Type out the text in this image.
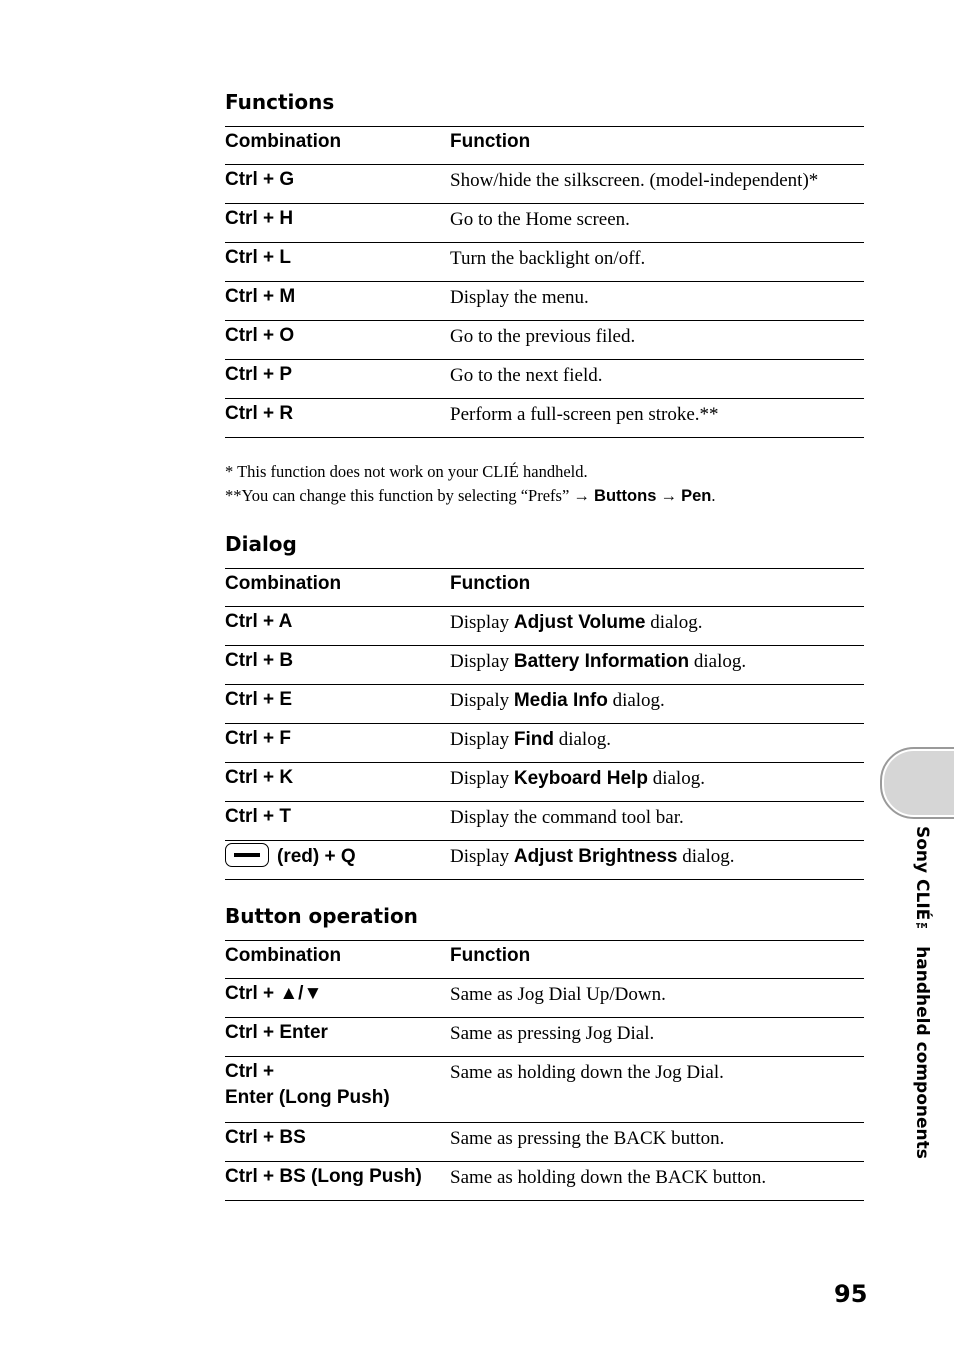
Functions
Combination	Function
Ctrl + G	Show/hide the silkscreen. (model-independent)*
Ctrl + H	Go to the Home screen.
Ctrl + L	Turn the backlight on/off.
Ctrl + M	Display the menu.
Ctrl + O	Go to the previous filed.
Ctrl + P	Go to the next field.
Ctrl + R	Perform a full-screen pen stroke.**
* This function does not work on your CLIÉ handheld.
**You can change this function by selecting “Prefs” → Buttons → Pen.
Dialog
Combination	Function
Ctrl + A	Display Adjust Volume dialog.
Ctrl + B	Display Battery Information dialog.
Ctrl + E	Dispaly Media Info dialog.
Ctrl + F	Display Find dialog.
Ctrl + K	Display Keyboard Help dialog.
Ctrl + T	Display the command tool bar.
(red) + Q	Display Adjust Brightness dialog.
Button operation
Combination	Function
Ctrl + ▲/▼	Same as Jog Dial Up/Down.
Ctrl + Enter	Same as pressing Jog Dial.

Ctrl +
Enter (Long Push)	Same as holding down the Jog Dial.
Ctrl + BS	Same as pressing the BACK button.
Ctrl + BS (Long Push)	Same as holding down the BACK button.
Sony CLIÉ™ handheld components
95
